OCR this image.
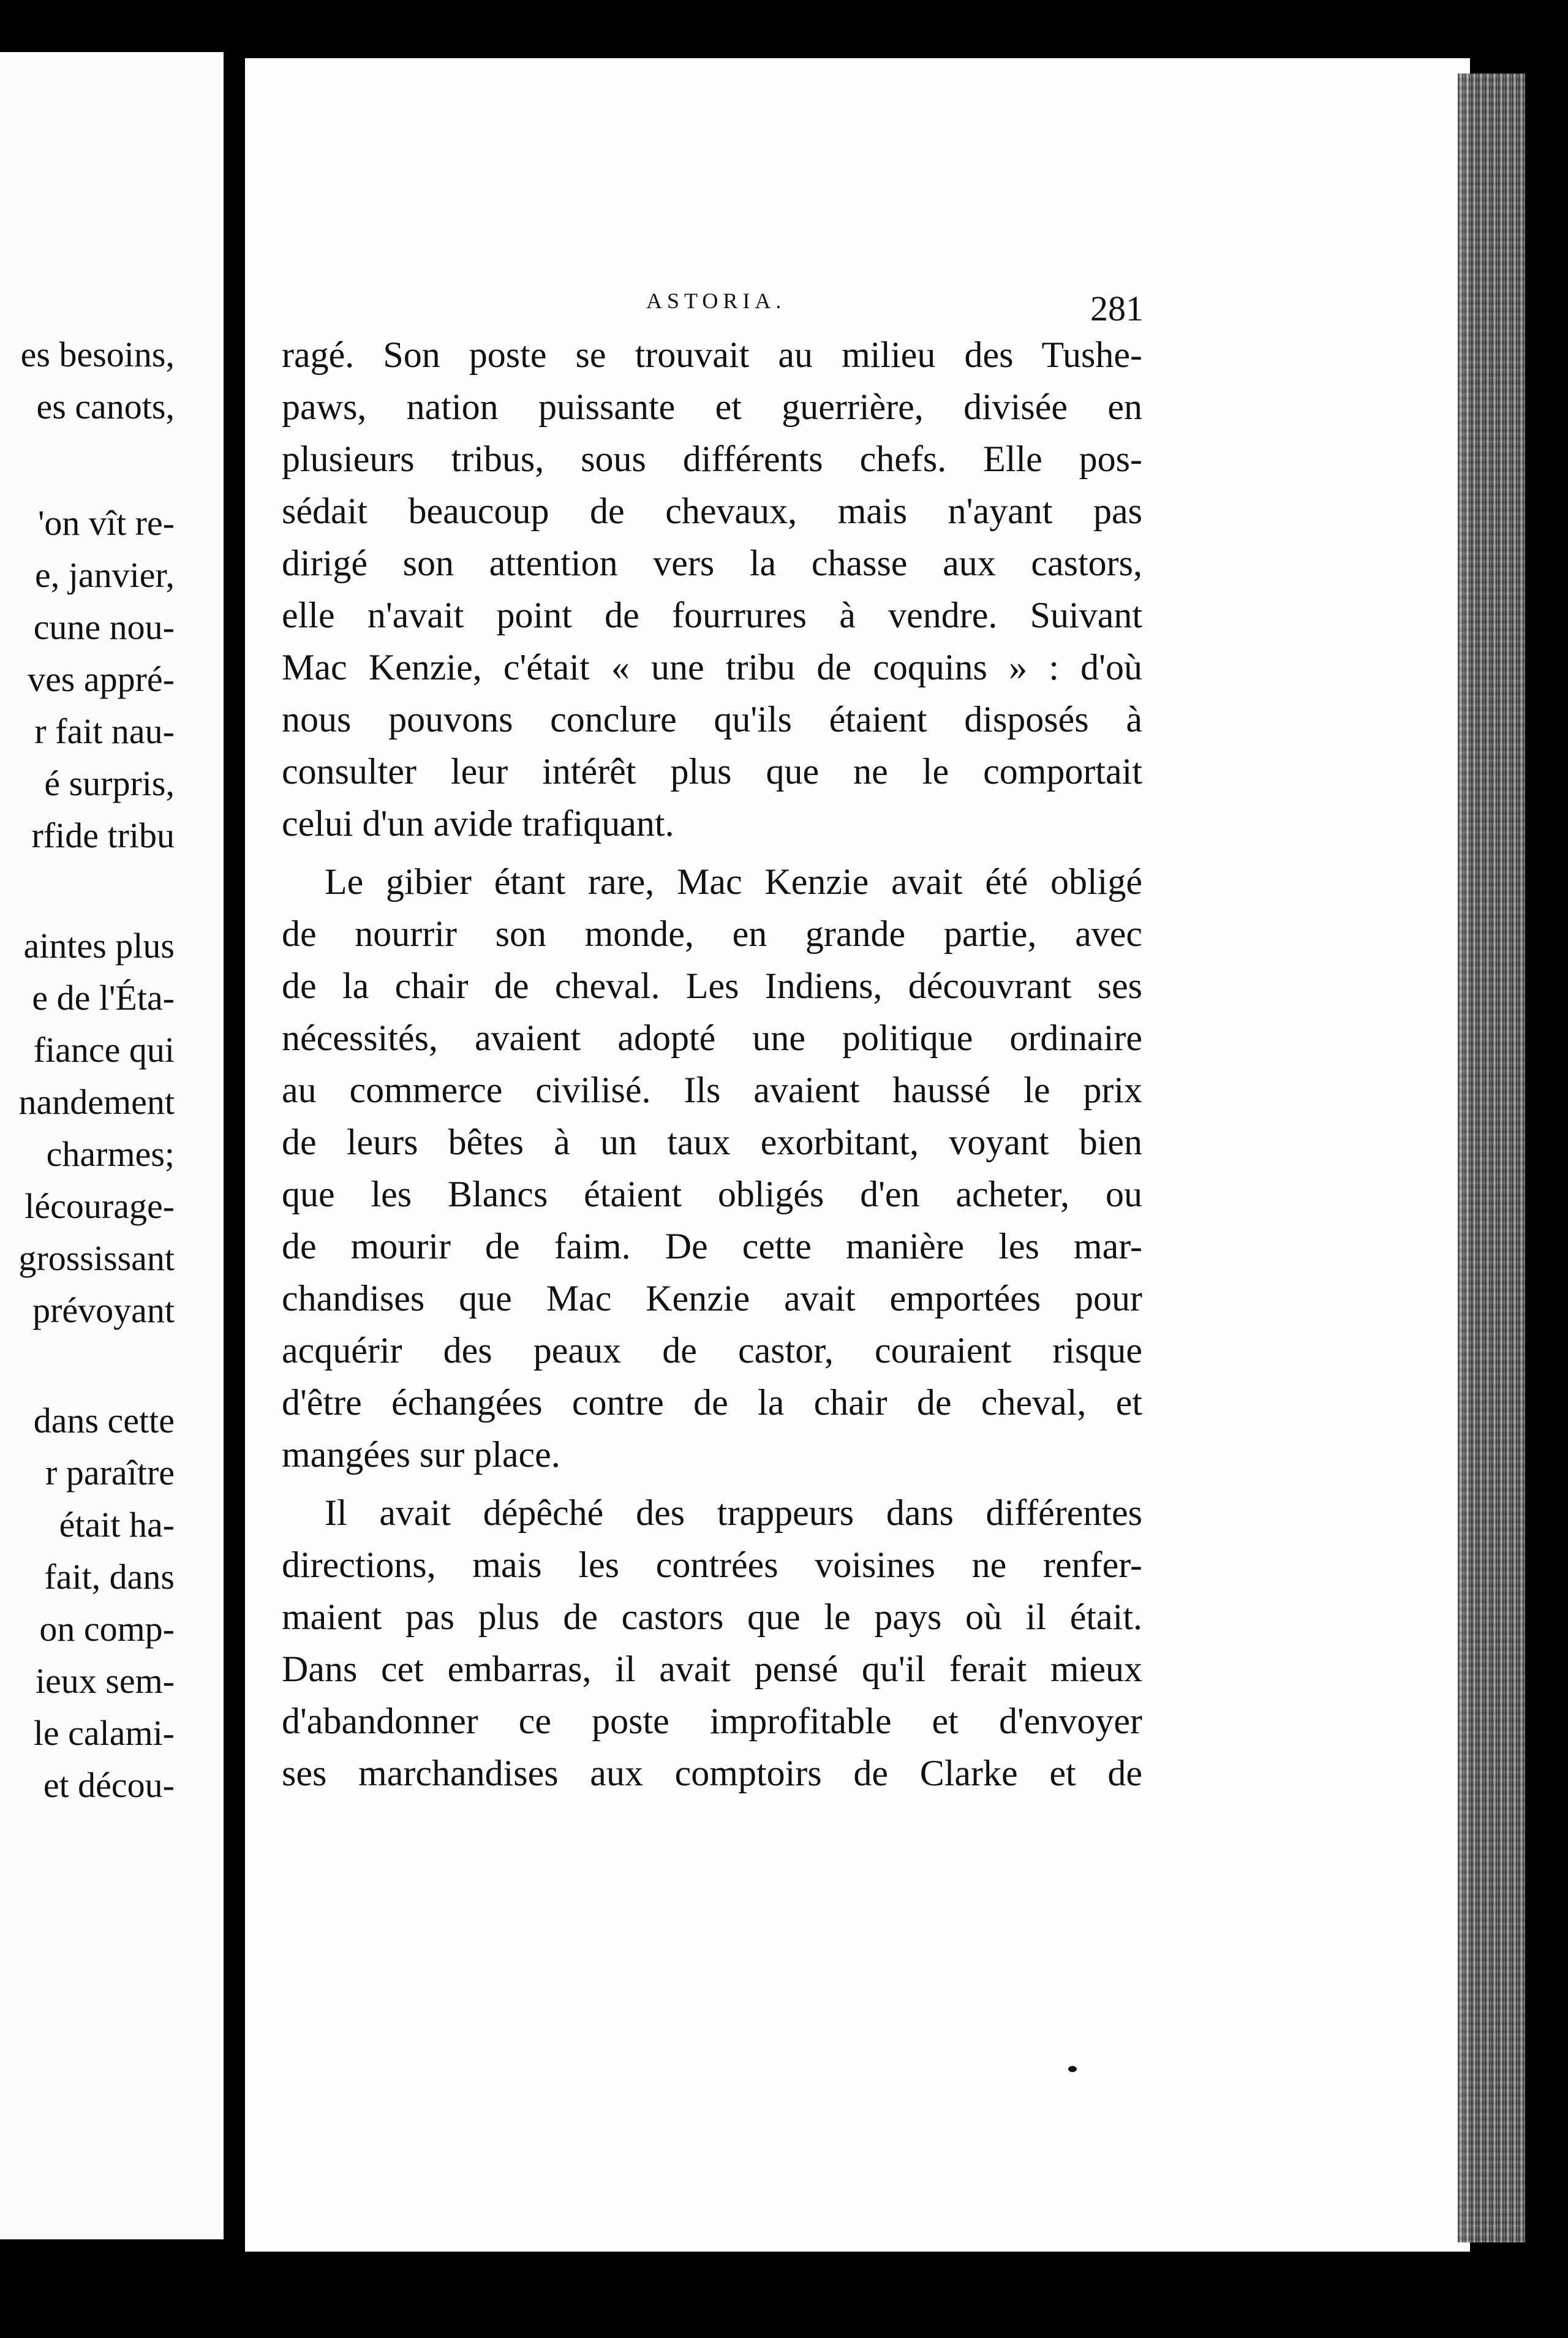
es besoins,
es canots,
'on vît re-
e, janvier,
cune nou-
ves appré-
r fait nau-
é surpris,
rfide tribu
aintes plus
e de l'Éta-
fiance qui
nandement
charmes;
lécourage-
grossissant
prévoyant
dans cette
r paraître
était ha-
fait, dans
on comp-
ieux sem-
le calami-
et décou-
ASTORIA.	281
ragé. Son poste se trouvait au milieu des Tushe-
paws, nation puissante et guerrière, divisée en
plusieurs tribus, sous différents chefs. Elle pos-
sédait beaucoup de chevaux, mais n'ayant pas
dirigé son attention vers la chasse aux castors,
elle n'avait point de fourrures à vendre. Suivant
Mac Kenzie, c'était « une tribu de coquins » : d'où
nous pouvons conclure qu'ils étaient disposés à
consulter leur intérêt plus que ne le comportait
celui d'un avide trafiquant.
Le gibier étant rare, Mac Kenzie avait été obligé
de nourrir son monde, en grande partie, avec
de la chair de cheval. Les Indiens, découvrant ses
nécessités, avaient adopté une politique ordinaire
au commerce civilisé. Ils avaient haussé le prix
de leurs bêtes à un taux exorbitant, voyant bien
que les Blancs étaient obligés d'en acheter, ou
de mourir de faim. De cette manière les mar-
chandises que Mac Kenzie avait emportées pour
acquérir des peaux de castor, couraient risque
d'être échangées contre de la chair de cheval, et
mangées sur place.
Il avait dépêché des trappeurs dans différentes
directions, mais les contrées voisines ne renfer-
maient pas plus de castors que le pays où il était.
Dans cet embarras, il avait pensé qu'il ferait mieux
d'abandonner ce poste improfitable et d'envoyer
ses marchandises aux comptoirs de Clarke et de
